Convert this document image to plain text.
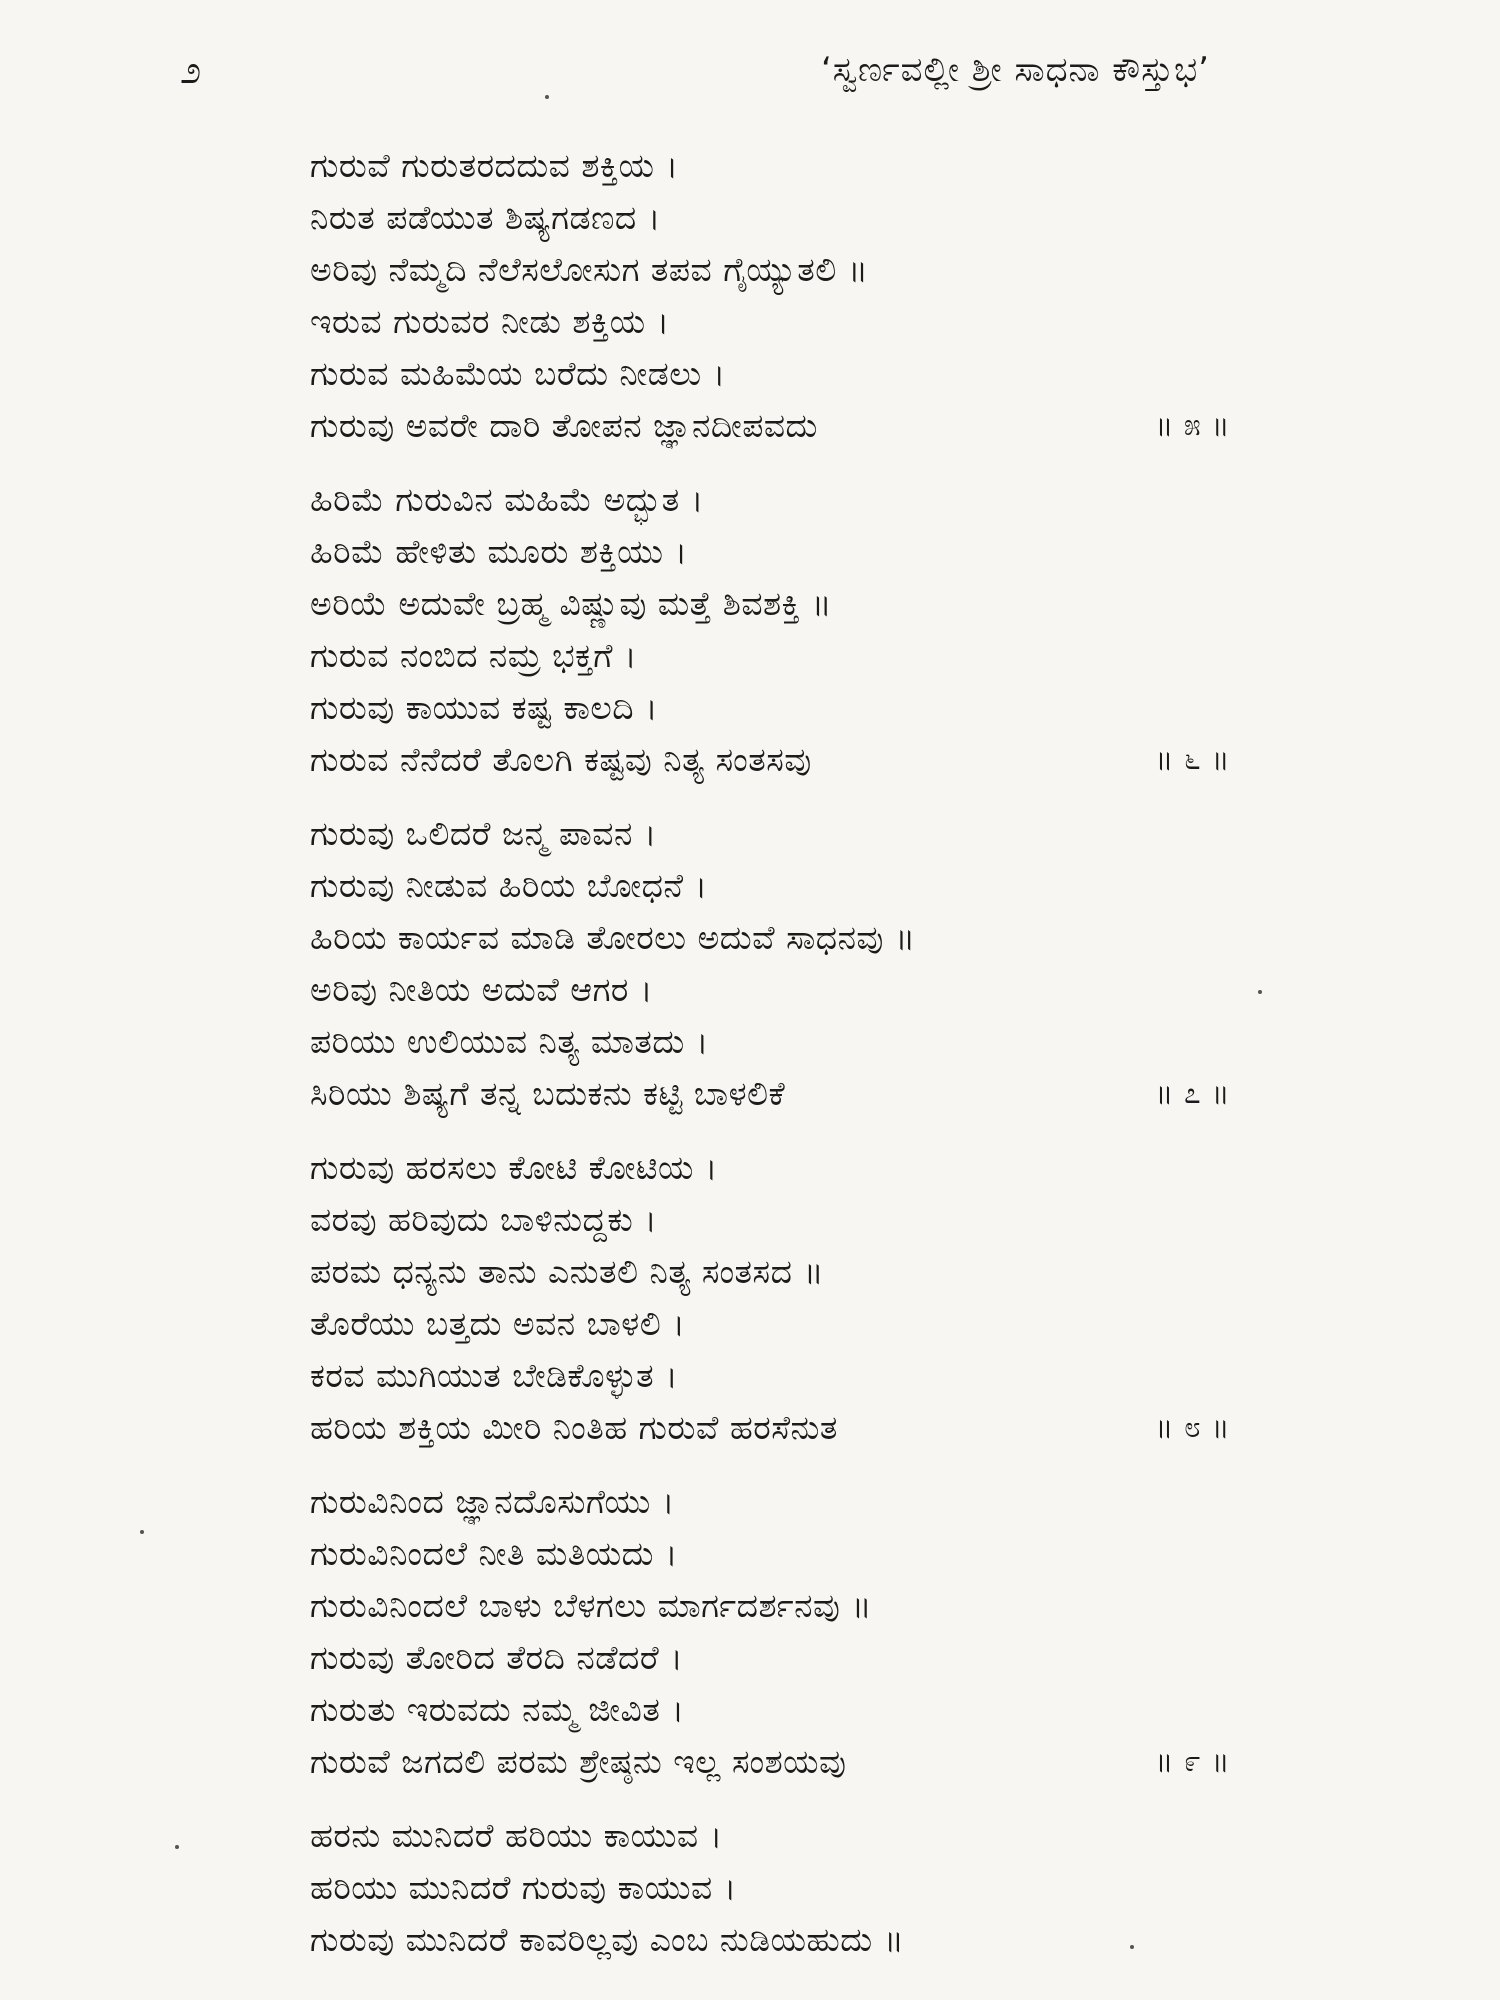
೨	‘ಸ್ವರ್ಣವಲ್ಲೀ ಶ್ರೀ ಸಾಧನಾ ಕೌಸ್ತುಭ’
ಗುರುವೆ ಗುರುತರದದುವ ಶಕ್ತಿಯ ।
ನಿರುತ ಪಡೆಯುತ ಶಿಷ್ಯಗಡಣದ ।
ಅರಿವು ನೆಮ್ಮದಿ ನೆಲೆಸಲೋಸುಗ ತಪವ ಗೈಯ್ಯುತಲಿ ॥
ಇರುವ ಗುರುವರ ನೀಡು ಶಕ್ತಿಯ ।
ಗುರುವ ಮಹಿಮೆಯ ಬರೆದು ನೀಡಲು ।
ಗುರುವು ಅವರೇ ದಾರಿ ತೋಪನ ಜ್ಞಾನದೀಪವದು	॥ ೫ ॥
ಹಿರಿಮೆ ಗುರುವಿನ ಮಹಿಮೆ ಅದ್ಭುತ ।
ಹಿರಿಮೆ ಹೇಳಿತು ಮೂರು ಶಕ್ತಿಯು ।
ಅರಿಯೆ ಅದುವೇ ಬ್ರಹ್ಮ ವಿಷ್ಣುವು ಮತ್ತೆ ಶಿವಶಕ್ತಿ ॥
ಗುರುವ ನಂಬಿದ ನಮ್ರ ಭಕ್ತಗೆ ।
ಗುರುವು ಕಾಯುವ ಕಷ್ಟ ಕಾಲದಿ ।
ಗುರುವ ನೆನೆದರೆ ತೊಲಗಿ ಕಷ್ಟವು ನಿತ್ಯ ಸಂತಸವು	॥ ೬ ॥
ಗುರುವು ಒಲಿದರೆ ಜನ್ಮ ಪಾವನ ।
ಗುರುವು ನೀಡುವ ಹಿರಿಯ ಬೋಧನೆ ।
ಹಿರಿಯ ಕಾರ್ಯವ ಮಾಡಿ ತೋರಲು ಅದುವೆ ಸಾಧನವು ॥
ಅರಿವು ನೀತಿಯ ಅದುವೆ ಆಗರ ।
ಪರಿಯು ಉಲಿಯುವ ನಿತ್ಯ ಮಾತದು ।
ಸಿರಿಯು ಶಿಷ್ಯಗೆ ತನ್ನ ಬದುಕನು ಕಟ್ಟಿ ಬಾಳಲಿಕೆ	॥ ೭ ॥
ಗುರುವು ಹರಸಲು ಕೋಟಿ ಕೋಟಿಯ ।
ವರವು ಹರಿವುದು ಬಾಳಿನುದ್ದಕು ।
ಪರಮ ಧನ್ಯನು ತಾನು ಎನುತಲಿ ನಿತ್ಯ ಸಂತಸದ ॥
ತೊರೆಯು ಬತ್ತದು ಅವನ ಬಾಳಲಿ ।
ಕರವ ಮುಗಿಯುತ ಬೇಡಿಕೊಳ್ಳುತ ।
ಹರಿಯ ಶಕ್ತಿಯ ಮೀರಿ ನಿಂತಿಹ ಗುರುವೆ ಹರಸೆನುತ	॥ ೮ ॥
ಗುರುವಿನಿಂದ ಜ್ಞಾನದೊಸುಗೆಯು ।
ಗುರುವಿನಿಂದಲೆ ನೀತಿ ಮತಿಯದು ।
ಗುರುವಿನಿಂದಲೆ ಬಾಳು ಬೆಳಗಲು ಮಾರ್ಗದರ್ಶನವು ॥
ಗುರುವು ತೋರಿದ ತೆರದಿ ನಡೆದರೆ ।
ಗುರುತು ಇರುವದು ನಮ್ಮ ಜೀವಿತ ।
ಗುರುವೆ ಜಗದಲಿ ಪರಮ ಶ್ರೇಷ್ಠನು ಇಲ್ಲ ಸಂಶಯವು	॥ ೯ ॥
ಹರನು ಮುನಿದರೆ ಹರಿಯು ಕಾಯುವ ।
ಹರಿಯು ಮುನಿದರೆ ಗುರುವು ಕಾಯುವ ।
ಗುರುವು ಮುನಿದರೆ ಕಾವರಿಲ್ಲವು ಎಂಬ ನುಡಿಯಹುದು ॥
